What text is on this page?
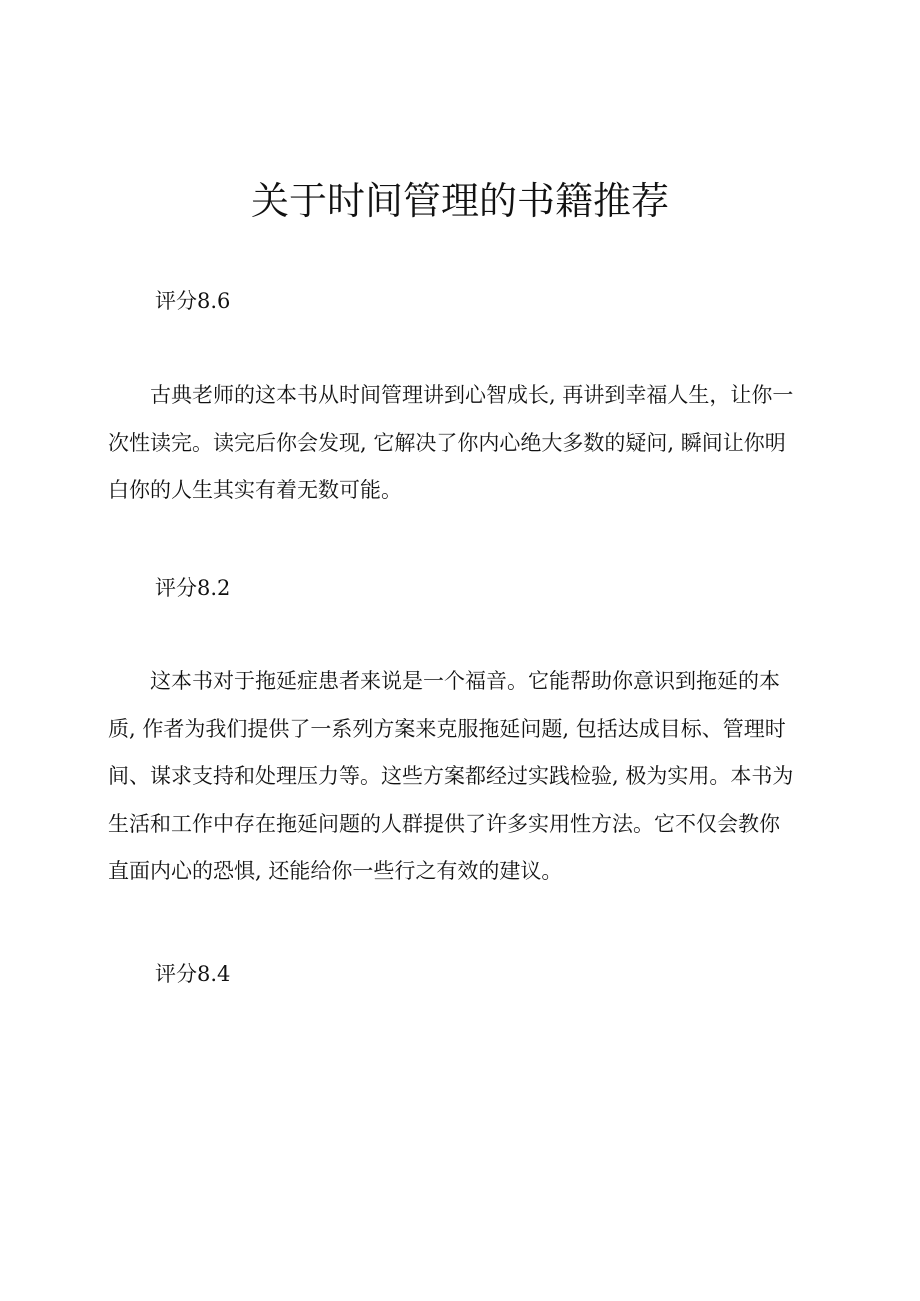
关于时间管理的书籍推荐
评分8.6
　　古典老师的这本书从时间管理讲到心智成长, 再讲到幸福人生，让你一
次性读完。读完后你会发现, 它解决了你内心绝大多数的疑问, 瞬间让你明
白你的人生其实有着无数可能。
评分8.2
　　这本书对于拖延症患者来说是一个福音。它能帮助你意识到拖延的本
质, 作者为我们提供了一系列方案来克服拖延问题, 包括达成目标、管理时
间、谋求支持和处理压力等。这些方案都经过实践检验, 极为实用。本书为
生活和工作中存在拖延问题的人群提供了许多实用性方法。它不仅会教你
直面内心的恐惧, 还能给你一些行之有效的建议。
评分8.4
